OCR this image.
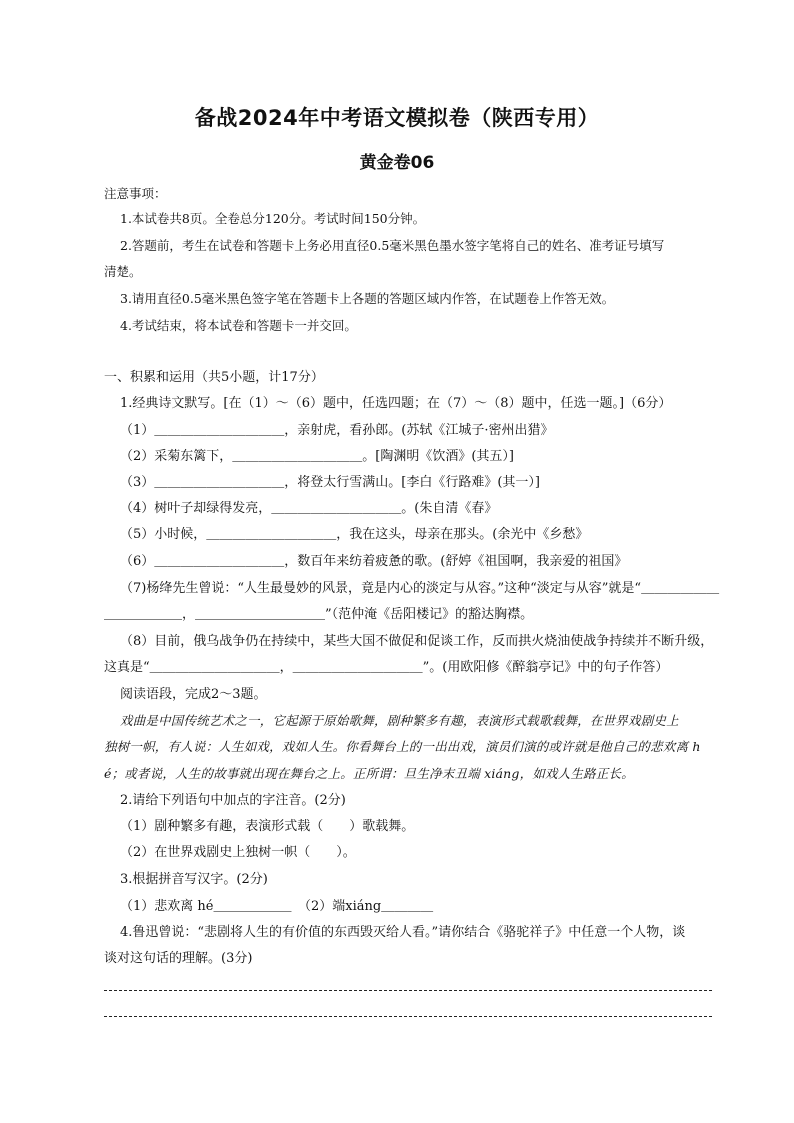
备战2024年中考语文模拟卷（陕西专用）
黄金卷06
注意事项：
1.本试卷共8页。全卷总分120分。考试时间150分钟。
2.答题前，考生在试卷和答题卡上务必用直径0.5毫米黑色墨水签字笔将自己的姓名、准考证号填写
清楚。
3.请用直径0.5毫米黑色签字笔在答题卡上各题的答题区域内作答，在试题卷上作答无效。
4.考试结束，将本试卷和答题卡一并交回。
一、积累和运用（共5小题，计17分）
1.经典诗文默写。[在（1）～（6）题中，任选四题；在（7）～（8）题中，任选一题。]（6分）
（1）＿＿＿＿＿＿＿＿＿＿，亲射虎，看孙郎。(苏轼《江城子·密州出猎》
（2）采菊东篱下，＿＿＿＿＿＿＿＿＿＿。[陶渊明《饮酒》(其五）]
（3）＿＿＿＿＿＿＿＿＿＿，将登太行雪满山。[李白《行路难》(其一）]
（4）树叶子却绿得发亮，＿＿＿＿＿＿＿＿＿＿。(朱自清《春》
（5）小时候，＿＿＿＿＿＿＿＿＿＿，我在这头，母亲在那头。(余光中《乡愁》
（6）＿＿＿＿＿＿＿＿＿＿，数百年来纺着疲惫的歌。(舒婷《祖国啊，我亲爱的祖国》
（7)杨绛先生曾说：“人生最曼妙的风景，竟是内心的淡定与从容。”这种“淡定与从容”就是“＿＿＿＿＿＿
＿＿＿＿＿＿，＿＿＿＿＿＿＿＿＿＿”（范仲淹《岳阳楼记》的豁达胸襟。
（8）目前，俄乌战争仍在持续中，某些大国不做促和促谈工作，反而拱火烧油使战争持续并不断升级，
这真是“＿＿＿＿＿＿＿＿＿＿，＿＿＿＿＿＿＿＿＿＿”。(用欧阳修《醉翁亭记》中的句子作答）
阅读语段，完成2～3题。
戏曲是中国传统艺术之一，它起源于原始歌舞，剧种繁多有趣，表演形式载歌载舞，在世界戏剧史上
独树一帜，有人说：人生如戏，戏如人生。你看舞台上的一出出戏，演员们演的或许就是他自己的悲欢离 h
é；或者说，人生的故事就出现在舞台之上。正所谓：旦生净末丑端 xiáng，如戏人生路正长。
2.请给下列语句中加点的字注音。(2分)
（1）剧种繁多有趣，表演形式载（　　）歌载舞。
（2）在世界戏剧史上独树一帜（　　）。
3.根据拼音写汉字。(2分)
（1）悲欢离 hé＿＿＿＿＿＿　（2）端xiáng＿＿＿＿
4.鲁迅曾说：“悲剧将人生的有价值的东西毁灭给人看。”请你结合《骆驼祥子》中任意一个人物，谈
谈对这句话的理解。(3分)
